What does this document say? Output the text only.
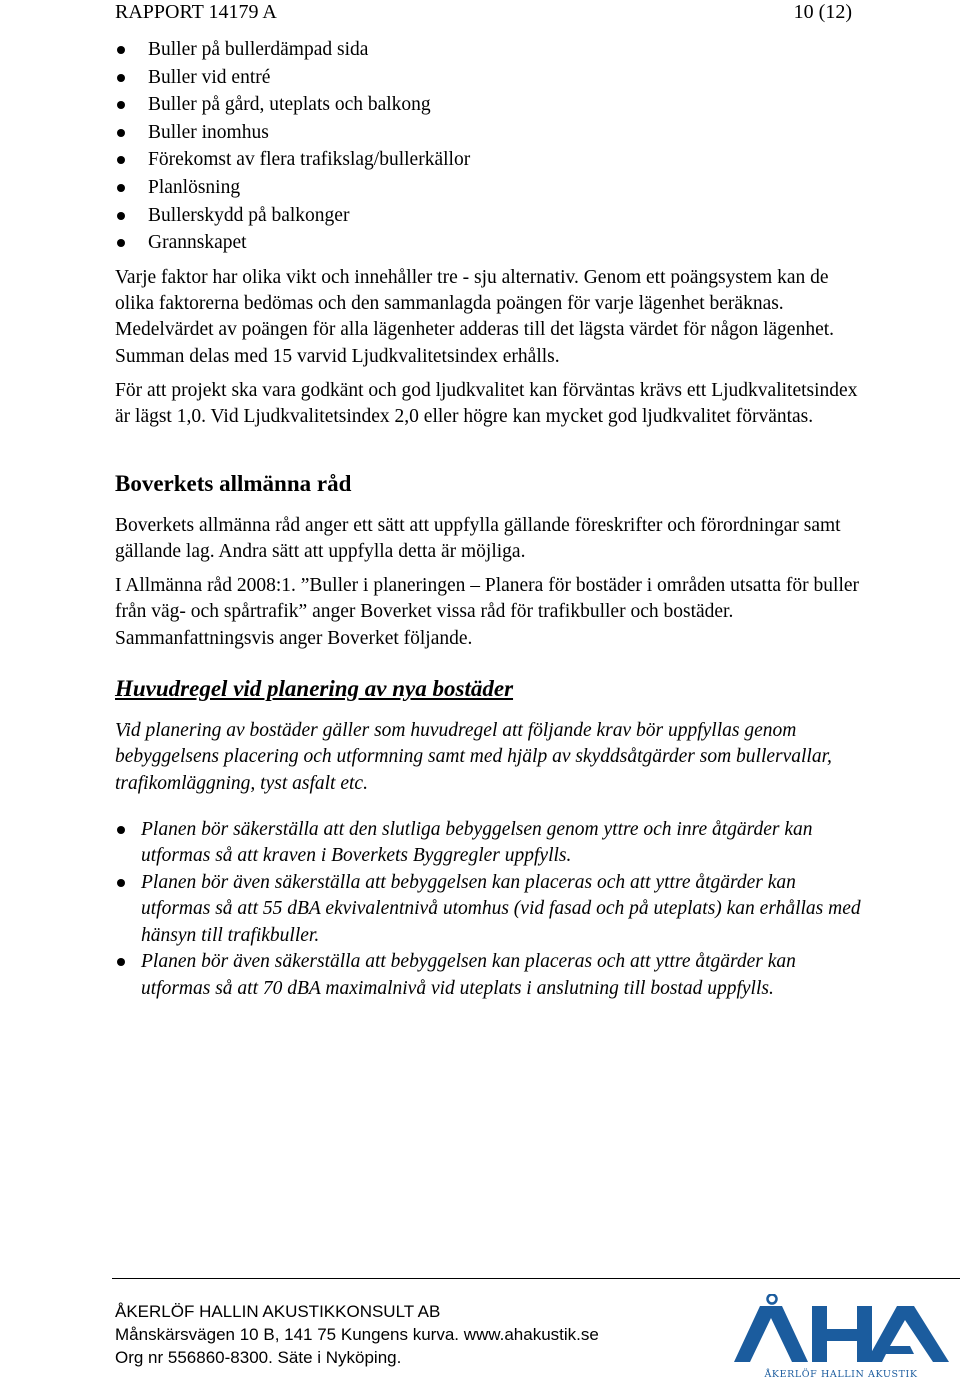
RAPPORT 14179 A	10 (12)
Buller på bullerdämpad sida
Buller vid entré
Buller på gård, uteplats och balkong
Buller inomhus
Förekomst av flera trafikslag/bullerkällor
Planlösning
Bullerskydd på balkonger
Grannskapet

Varje faktor har olika vikt och innehåller tre - sju alternativ. Genom ett poängsystem kan de olika faktorerna bedömas och den sammanlagda poängen för varje lägenhet beräknas. Medelvärdet av poängen för alla lägenheter adderas till det lägsta värdet för någon lägenhet. Summan delas med 15 varvid Ljudkvalitetsindex erhålls.

För att projekt ska vara godkänt och god ljudkvalitet kan förväntas krävs ett Ljudkvalitetsindex är lägst 1,0. Vid Ljudkvalitetsindex 2,0 eller högre kan mycket god ljudkvalitet förväntas.

Boverkets allmänna råd

Boverkets allmänna råd anger ett sätt att uppfylla gällande föreskrifter och förordningar samt gällande lag. Andra sätt att uppfylla detta är möjliga.

I Allmänna råd 2008:1. ”Buller i planeringen – Planera för bostäder i områden utsatta för buller från väg- och spårtrafik” anger Boverket vissa råd för trafikbuller och bostäder. Sammanfattningsvis anger Boverket följande.

Huvudregel vid planering av nya bostäder

Vid planering av bostäder gäller som huvudregel att följande krav bör uppfyllas genom bebyggelsens placering och utformning samt med hjälp av skyddsåtgärder som bullervallar, trafikomläggning, tyst asfalt etc.

Planen bör säkerställa att den slutliga bebyggelsen genom yttre och inre åtgärder kan utformas så att kraven i Boverkets Byggregler uppfylls.
Planen bör även säkerställa att bebyggelsen kan placeras och att yttre åtgärder kan utformas så att 55 dBA ekvivalentnivå utomhus (vid fasad och på uteplats) kan erhållas med hänsyn till trafikbuller.
Planen bör även säkerställa att bebyggelsen kan placeras och att yttre åtgärder kan utformas så att 70 dBA maximalnivå vid uteplats i anslutning till bostad uppfylls.
ÅKERLÖF HALLIN AKUSTIKKONSULT AB
Månskärsvägen 10 B, 141 75 Kungens kurva. www.ahakustik.se
Org nr 556860-8300. Säte i Nyköping.
ÅKERLÖF HALLIN AKUSTIK
